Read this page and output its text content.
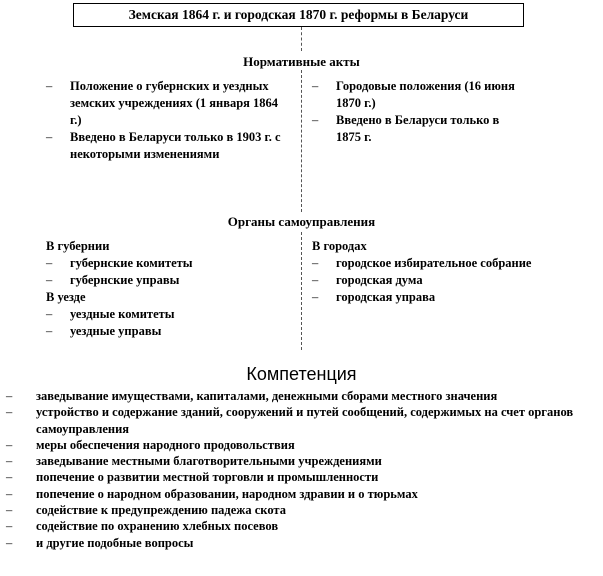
Земская 1864 г. и городская 1870 г. реформы в Беларуси
Нормативные акты
– Положение о губернских и уездных земских учреждениях (1 января 1864 г.)
– Введено в Беларуси только в 1903 г. с некоторыми изменениями
– Городовые положения (16 июня 1870 г.)
– Введено в Беларуси только в 1875 г.
Органы самоуправления
В губернии
– губернские комитеты
– губернские управы
В уезде
– уездные комитеты
– уездные управы
В городах
– городское избирательное собрание
– городская дума
– городская управа
Компетенция
– заведывание имуществами, капиталами, денежными сборами местного значения
– устройство и содержание зданий, сооружений и путей сообщений, содержимых на счет органов самоуправления
– меры обеспечения народного продовольствия
– заведывание местными благотворительными учреждениями
– попечение о развитии местной торговли и промышленности
– попечение о народном образовании, народном здравии и о тюрьмах
– содействие к предупреждению падежа скота
– содействие по охранению хлебных посевов
– и другие подобные вопросы
